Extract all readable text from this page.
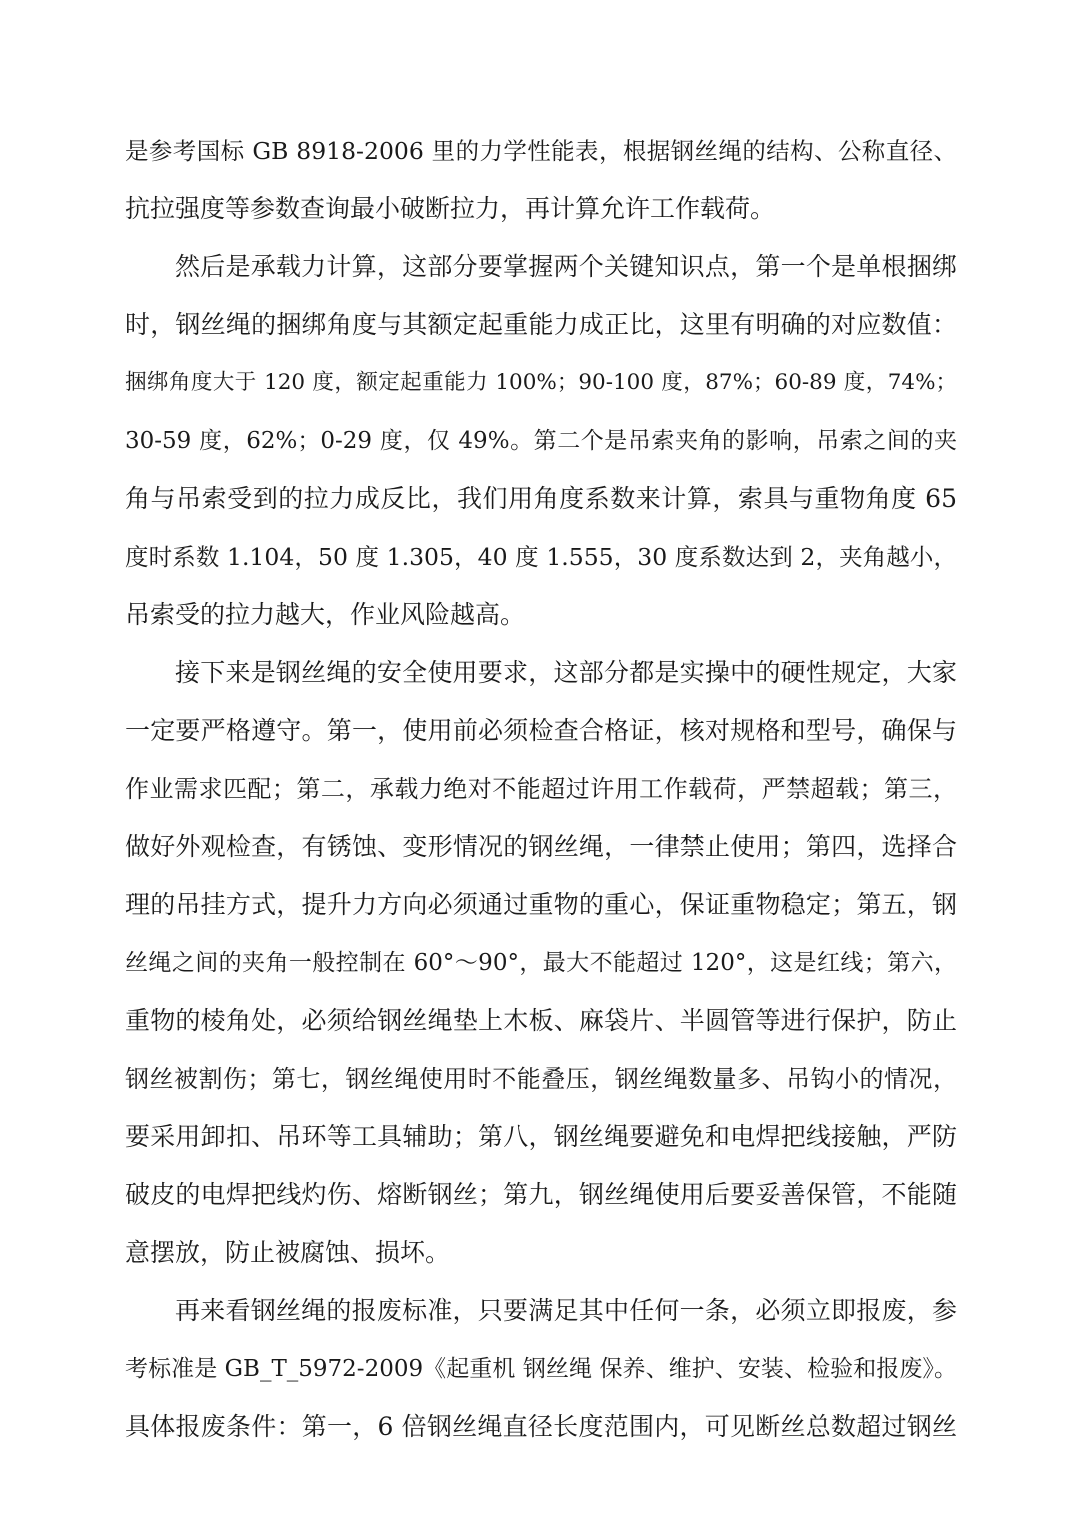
是参考国标 GB 8918-2006 里的力学性能表，根据钢丝绳的结构、公称直径、
抗拉强度等参数查询最小破断拉力，再计算允许工作载荷。
然后是承载力计算，这部分要掌握两个关键知识点，第一个是单根捆绑
时，钢丝绳的捆绑角度与其额定起重能力成正比，这里有明确的对应数值：
捆绑角度大于 120 度，额定起重能力 100%；90-100 度，87%；60-89 度，74%；
30-59 度，62%；0-29 度，仅 49%。第二个是吊索夹角的影响，吊索之间的夹
角与吊索受到的拉力成反比，我们用角度系数来计算，索具与重物角度 65
度时系数 1.104，50 度 1.305，40 度 1.555，30 度系数达到 2，夹角越小，
吊索受的拉力越大，作业风险越高。
接下来是钢丝绳的安全使用要求，这部分都是实操中的硬性规定，大家
一定要严格遵守。第一，使用前必须检查合格证，核对规格和型号，确保与
作业需求匹配；第二，承载力绝对不能超过许用工作载荷，严禁超载；第三，
做好外观检查，有锈蚀、变形情况的钢丝绳，一律禁止使用；第四，选择合
理的吊挂方式，提升力方向必须通过重物的重心，保证重物稳定；第五，钢
丝绳之间的夹角一般控制在 60°～90°，最大不能超过 120°，这是红线；第六，
重物的棱角处，必须给钢丝绳垫上木板、麻袋片、半圆管等进行保护，防止
钢丝被割伤；第七，钢丝绳使用时不能叠压，钢丝绳数量多、吊钩小的情况，
要采用卸扣、吊环等工具辅助；第八，钢丝绳要避免和电焊把线接触，严防
破皮的电焊把线灼伤、熔断钢丝；第九，钢丝绳使用后要妥善保管，不能随
意摆放，防止被腐蚀、损坏。
再来看钢丝绳的报废标准，只要满足其中任何一条，必须立即报废，参
考标准是 GB_T_5972-2009《起重机 钢丝绳 保养、维护、安装、检验和报废》。
具体报废条件：第一，6 倍钢丝绳直径长度范围内，可见断丝总数超过钢丝
